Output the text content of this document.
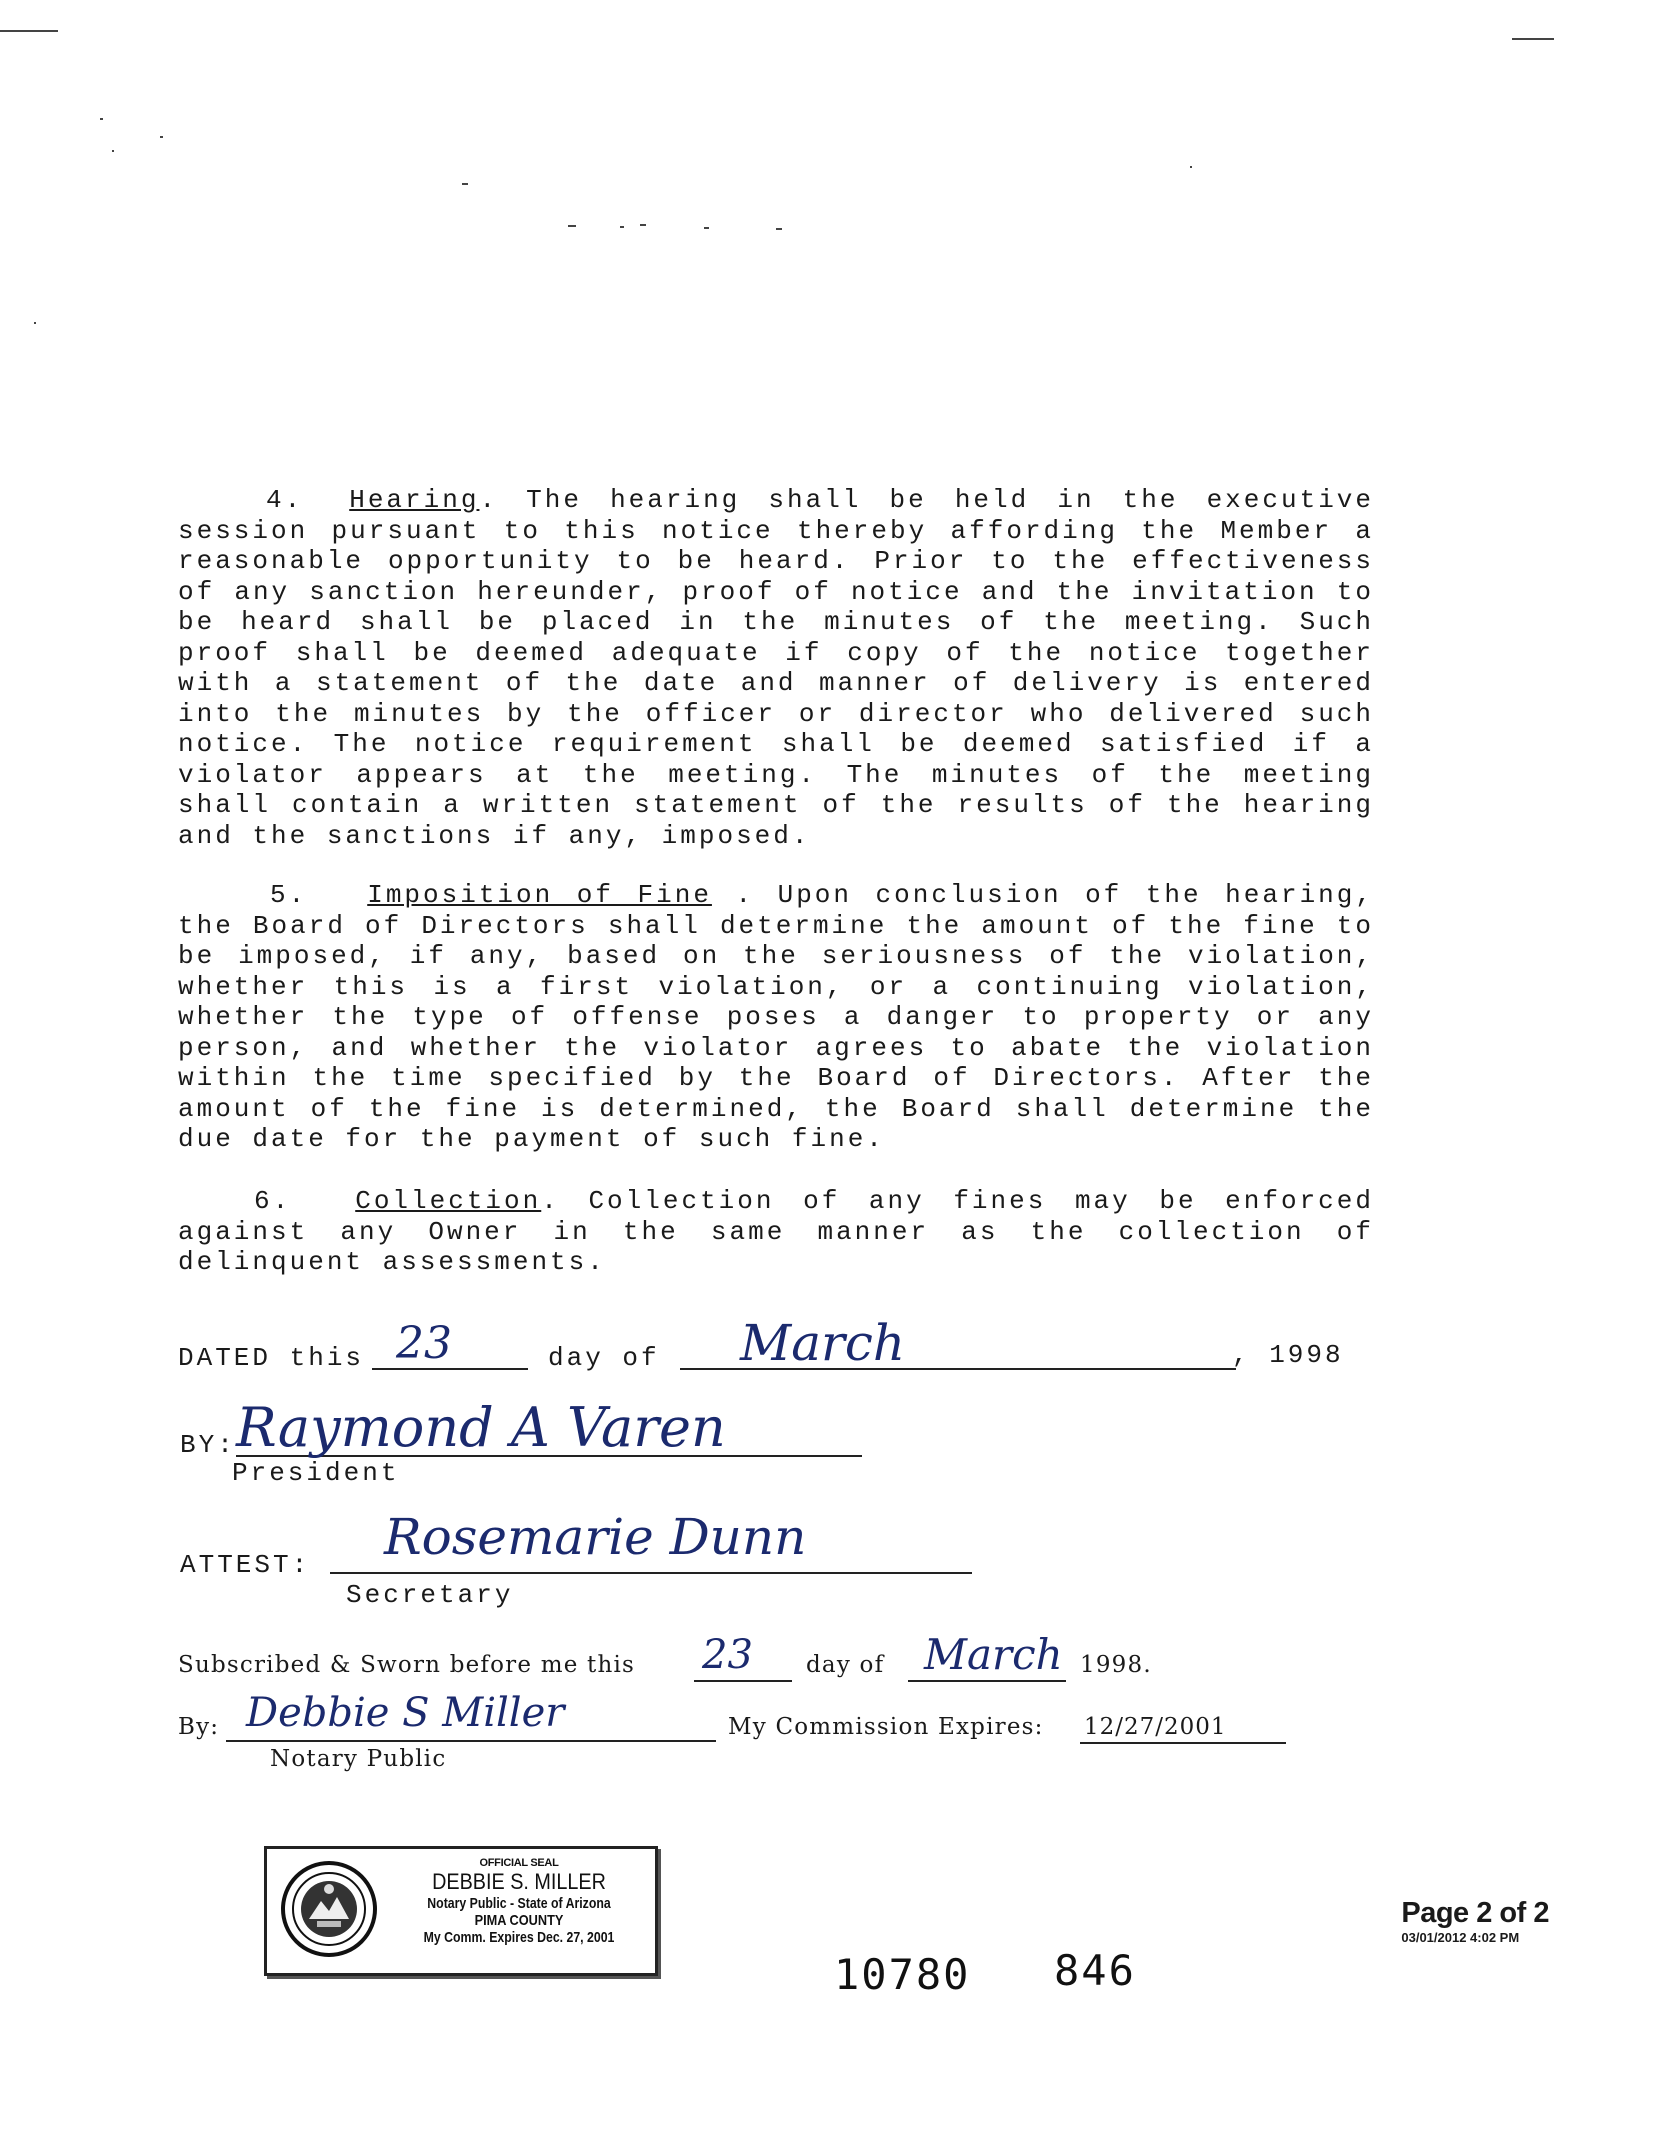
4. Hearing. The hearing shall be held in the executive session pursuant to this notice thereby affording the Member a reasonable opportunity to be heard. Prior to the effectiveness of any sanction hereunder, proof of notice and the invitation to be heard shall be placed in the minutes of the meeting. Such proof shall be deemed adequate if copy of the notice together with a statement of the date and manner of delivery is entered into the minutes by the officer or director who delivered such notice. The notice requirement shall be deemed satisfied if a violator appears at the meeting. The minutes of the meeting shall contain a written statement of the results of the hearing and the sanctions if any, imposed.
5. Imposition of Fine . Upon conclusion of the hearing, the Board of Directors shall determine the amount of the fine to be imposed, if any, based on the seriousness of the violation, whether this is a first violation, or a continuing violation, whether the type of offense poses a danger to property or any person, and whether the violator agrees to abate the violation within the time specified by the Board of Directors. After the amount of the fine is determined, the Board shall determine the due date for the payment of such fine.
6. Collection. Collection of any fines may be enforced against any Owner in the same manner as the collection of delinquent assessments.
DATED this 23	day of March	, 1998
BY: Raymond A Varen
President
ATTEST: Rosemarie Dunn
Secretary
Subscribed & Sworn before me this 23 day of March 1998.
By: Debbie S Miller
Notary Public
My Commission Expires: 12/27/2001
OFFICIAL SEAL
DEBBIE S. MILLER
Notary Public - State of Arizona
PIMA COUNTY
My Comm. Expires Dec. 27, 2001
10780 846
Page 2 of 2
03/01/2012 4:02 PM
